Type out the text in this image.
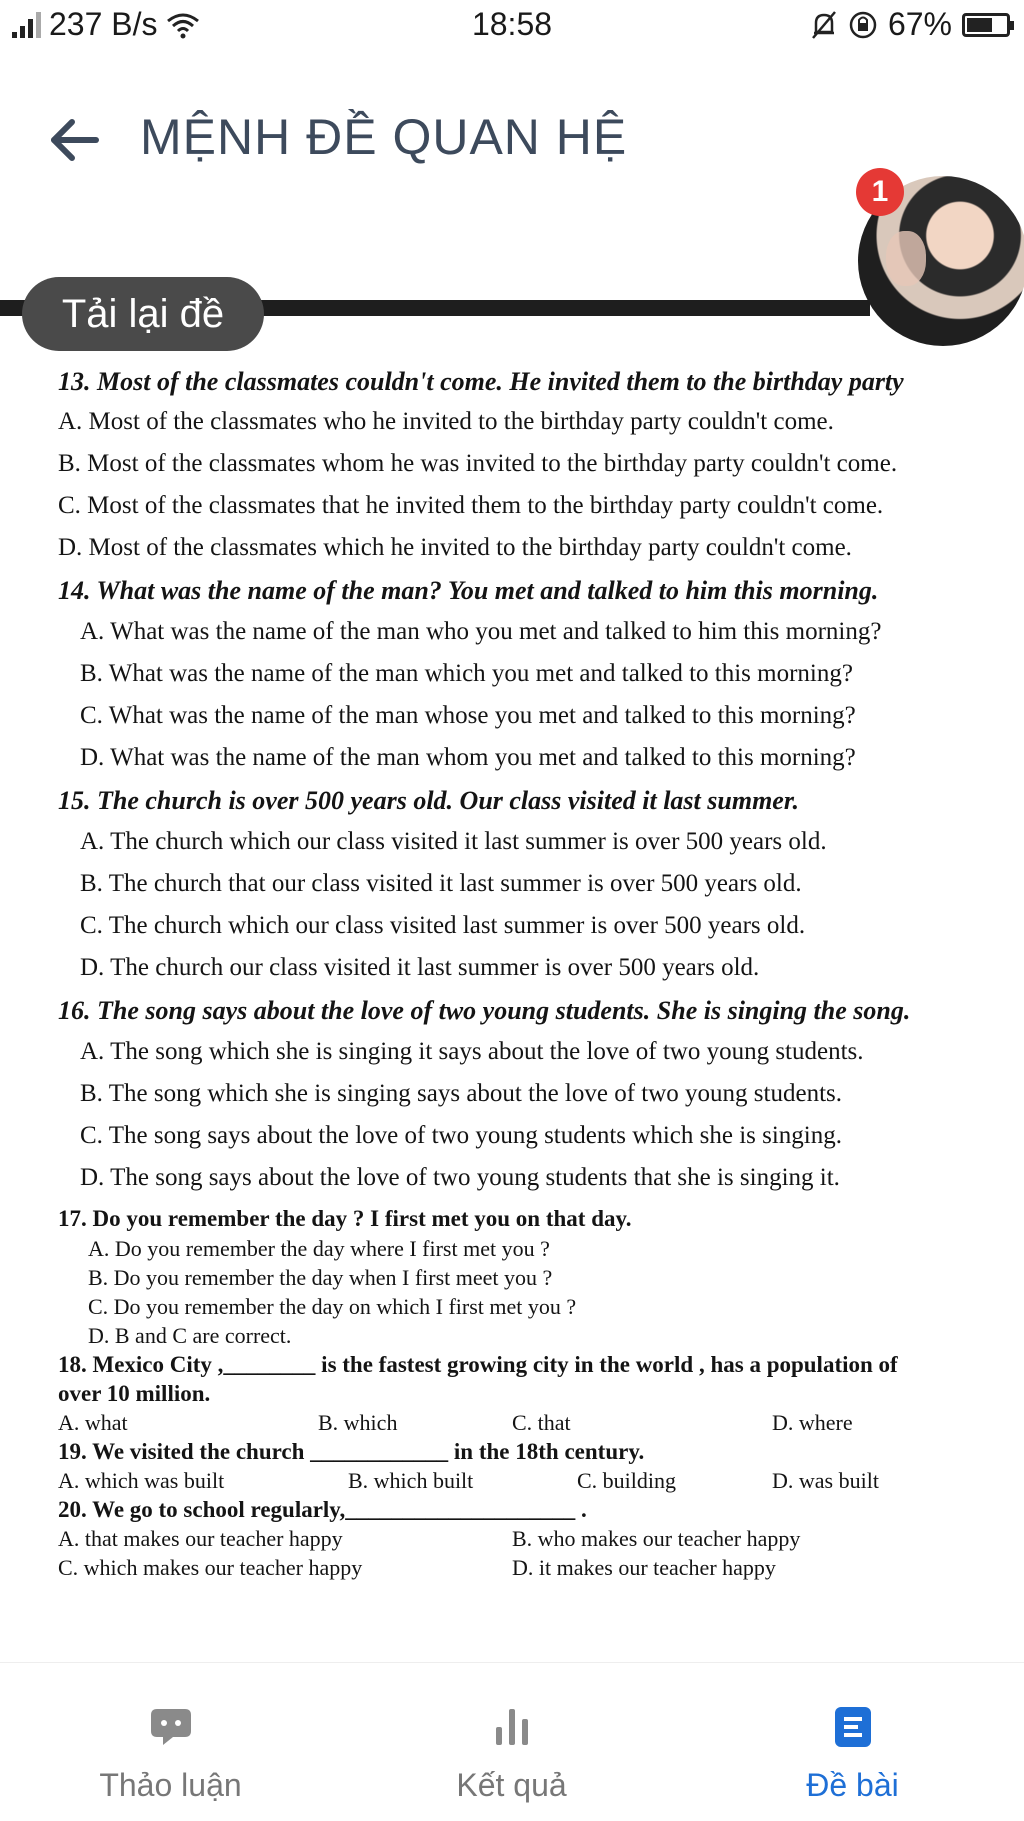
237 B/s	18:58	67%
MỆNH ĐỀ QUAN HỆ
1
Tải lại đề
13. Most of the classmates couldn't come. He invited them to the birthday party
A. Most of the classmates who he invited to the birthday party couldn't come.
B. Most of the classmates whom he was invited to the birthday party couldn't come.
C. Most of the classmates that he invited them to the birthday party couldn't come.
D. Most of the classmates which he invited to the birthday party couldn't come.
14. What was the name of the man? You met and talked to him this morning.
A. What was the name of the man who you met and talked to him this morning?
B. What was the name of the man which you met and talked to this morning?
C. What was the name of the man whose you met and talked to this morning?
D. What was the name of the man whom you met and talked to this morning?
15. The church is over 500 years old. Our class visited it last summer.
A. The church which our class visited it last summer is over 500 years old.
B. The church that our class visited it last summer is over 500 years old.
C. The church which our class visited last summer is over 500 years old.
D. The church our class visited it last summer is over 500 years old.
16. The song says about the love of two young students. She is singing the song.
A. The song which she is singing it says about the love of two young students.
B. The song which she is singing says about the love of two young students.
C. The song says about the love of two young students which she is singing.
D. The song says about the love of two young students that she is singing it.
17. Do you remember the day ? I first met you on that day.
A. Do you remember the day where I first met you ?
B. Do you remember the day when I first meet you ?
C. Do you remember the day on which I first met you ?
D. B and C are correct.
18. Mexico City ,________ is the fastest growing city in the world , has a population of
over 10 million.
A. what	B. which	C. that	D. where
19. We visited the church ____________ in the 18th century.
A. which was built	B. which built	C. building	D. was built
20. We go to school regularly,____________________ .
A. that makes our teacher happy	B. who makes our teacher happy
C. which makes our teacher happy	D. it makes our teacher happy
Thảo luận	Kết quả	Đề bài
